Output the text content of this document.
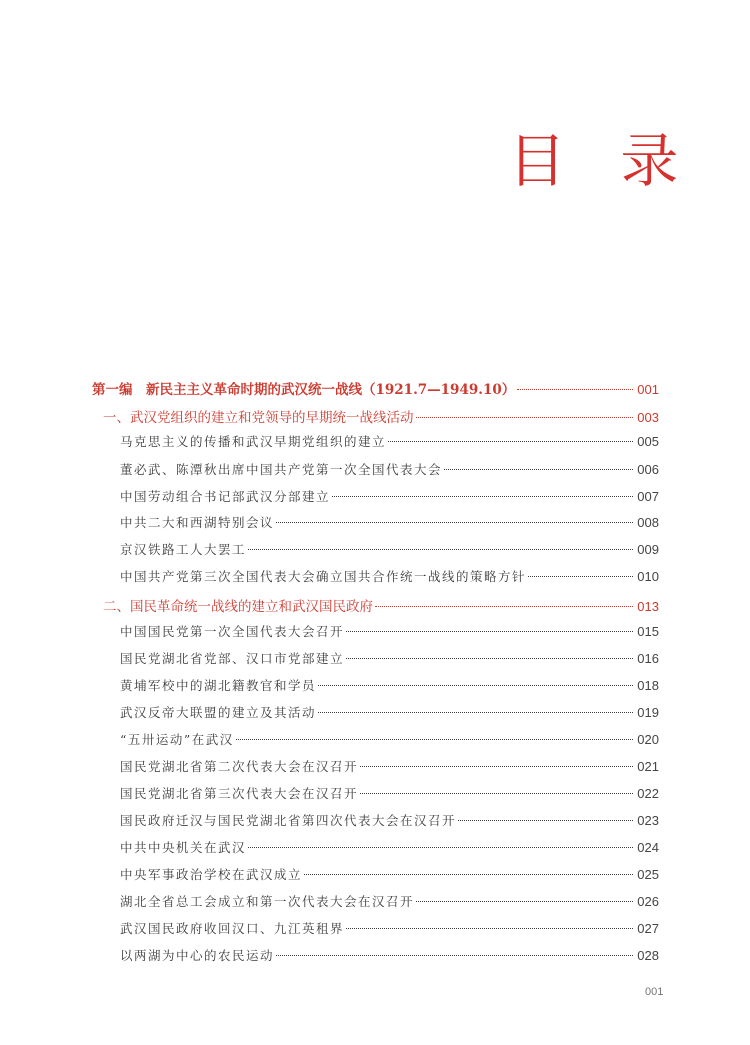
目 录
第一编　新民主主义革命时期的武汉统一战线（1921.7—1949.10）	001
一、武汉党组织的建立和党领导的早期统一战线活动	003
马克思主义的传播和武汉早期党组织的建立	005
董必武、陈潭秋出席中国共产党第一次全国代表大会	006
中国劳动组合书记部武汉分部建立	007
中共二大和西湖特别会议	008
京汉铁路工人大罢工	009
中国共产党第三次全国代表大会确立国共合作统一战线的策略方针	010
二、国民革命统一战线的建立和武汉国民政府	013
中国国民党第一次全国代表大会召开	015
国民党湖北省党部、汉口市党部建立	016
黄埔军校中的湖北籍教官和学员	018
武汉反帝大联盟的建立及其活动	019
“五卅运动”在武汉	020
国民党湖北省第二次代表大会在汉召开	021
国民党湖北省第三次代表大会在汉召开	022
国民政府迁汉与国民党湖北省第四次代表大会在汉召开	023
中共中央机关在武汉	024
中央军事政治学校在武汉成立	025
湖北全省总工会成立和第一次代表大会在汉召开	026
武汉国民政府收回汉口、九江英租界	027
以两湖为中心的农民运动	028
001
